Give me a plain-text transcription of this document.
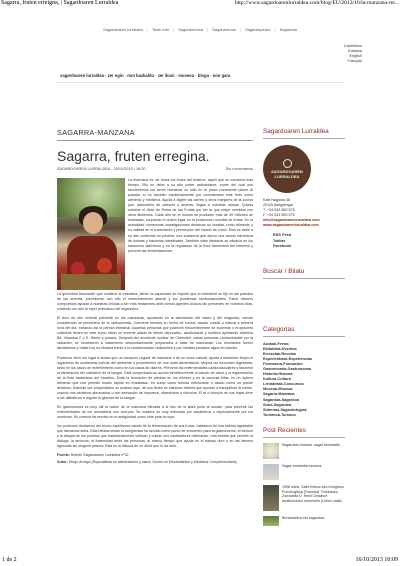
Sagarra, fruten erreigna, | Sagardoaren Lurraldea	http://www.sagardoarenlurraldea.com/blog/EU/2013/10/la-manzana-rei...
Sagardoaren lurraldea | Testu info | Sagardoetxea | Sagardoendo | Sagardopedro | Sagardoa
Castellano
Euskara
English
Français
sagardoaren lurraldea · zer egin · non bazkaldu · zer ikusi · museoa · bloga · non gara
SAGARRA-MANZANA
Sagarra, fruten erregina.
SAGARDOAREN LURRALDEA - 15/10/2013 • 16:30	Sin comentarios

La manzana es, de todos los frutos del invierno, aquél que se conserva más tiempo. Ello se debe a su alto poder antioxidante, poder del cual nos favorecemos los seres humanos no sólo en el plano puramente placer al paladar, si no también medicinalmente por considerarse este fruto como alimento y medicina. Ayuda a digerir las carnes y otros manjares de la cocina que, adornados de sabores y aromas, llegan a nuestras mesas. Quizás sobrelie el título de Reina de las Frutas por ser la que mejor combina con otros alimentos. Cada año en el mundo se producen más de 40 millones de toneladas, ocupando el cuarto lugar en la producción mundial de frutas. En la actualidad numerosas investigaciones destacan su bondad como alimento y su calidad en el tratamiento y prevención del cáncer de colon. Esto se debe a su alto contenido en pectina, una sustancia que ejerce una acción barredora de toxinas y bacterias intestinales. También cabe destacar su eficacia en los trastornos diarreicos y en la regulación de la flora bacteriana del intestino y prevenir las fermentaciones.

La quercitina flavonoide que contiene la manzana, tienen la capacidad de impedir que el colesterol se fije en las paredes de las arterias, previniendo con ello el estrechamiento arterial y los problemas cardiovasculares. Estos mismos compuestos ayudan a nuestras células a ser más resistentes ante ciertos agentes tóxicos tan presentes en nuestros días, evitando con ello la vejez prematura del organismo.

El boro es otro mineral presente en las manzanas, ayudando en la asimilación del calcio y del magnesio, siendo considerado un preventivo de la osteoporosis. Conviene tomarla en forma de zumos, asada, cocida o natural a primera hora del día, evitando así la pereza intestinal. Aquellas personas que padecen frecuentemente de eczemas o erupciones cutáneas tienen en este zumo diario un enorme aliado de efecto depurativo, alcalinizante y nutritivo aportando vitamina B6, Vitamina C y E, Hierro y potasio. Después del accidente nuclear de Chernóbil, varias personas contaminadas por la radiación, se sometieron a tratamiento descontaminante preparados a base de manzanas. Los resultados fueron alentadores y hasta hoy su eficacia frente a la contaminación radioactiva y por metales pesados sigue en estudio.

Podemos decir sin lugar a dudas que un consumo regular de manzana o de su zumo natural, ayuda a mantener limpio el organismo de sustancias tóxicas del ambiente o procedentes de una mala alimentación. Mejora las funciones digestivas, tanto en los casos de estreñimiento como en los casos de diarrea. Previene las enfermedades cardiovasculares y favorece la eliminación del colesterol de la sangre. Está comprobado su acción benéfica frente al cáncer de colon y la regeneración de la flora bacteriana del intestino. Evita la formación de piedras en los riñones y en la vesícula biliar, es un óptimo alimento que nos permite usarlo rápido en ensaladas, en zumo como bebida refrescante o asado como un postre delicioso. Además sus propiedades no acaban aquí, de sus flores se elaboran elixires que ayudan a tranquilizar la mente, cuando nos sentimos abrumados o con sensación de impureza, obsesiones o ridículos. El té o infusión de sus hojas sirve a los diabéticos a regular la glucosa de la sangre.

En gastronomía es muy útil la ración de la manzana elevada a la hez de la sidra junto al tomate, para prevenir las enfermedades de los aromáticos con cuerpos. Su madera es muy estimada por carpinteros y especialmente por los toneleros. Su corteza ha servido en la antigüedad como tinte para la ropa.

No podemos olvidarnos del tónico espirituoso nacido de la fermentación de sus frutos, hablamos de esa bebida agradable que llamamos sidra. Esta bebida desde la antigüedad ha servido como punto de encuentro para la gastronomía, el folclore y la alegría de los pueblos que tradicionalmente cultivan y cuidan sus cautivadores milenarias. Una bebida que permite el diálogo, la armonía, la fraternidad entre las personas, al mismo tiempo que ayuda en el trabajo duro y en las labores agrícolas sin ninguna pereza. Esta es la historia de un árbol que lo da todo.

Fuente: Boletín Sagardoaren Lurraldea nº32
Autor: Diego Arregui (Especialista en alimentación y salud. Doctor en Etnobotánica y Medicina Complementaria)
Sagardoaren Lurraldea
SAGARDOAREN LURRALDEA
Kale Nagusia 48
20115 Astigarraga
T. +34 943 550 575
F. +34 943 550 575
info@sagardoarenlurraldea.com
www.sagardoarenlurraldea.com
RSS Feed
Twitter
Facebook
Buscar / Bilatu
Categorías
Azokak-Ferias
Ekitaldiak-Eventos
Errezetak-Recetas
Esperientziak-Experiencias
Formazioa-Formación
Gastronomía-Gastronomía
Historia-Historia
Kultura-Cultura
Lehiaketak-Concursos
Museoa-Museoa
Sagarra-Manzana
Sagardoa-Sagardoa
Sidra-Sagardoa
Sidrerías-Sagardotegiak
Turismoa-Turismo
Post Recientes
Sagardoko historia: sagar berrietatik.
Sagar-errotaldia ezezina.
1908 urtea. Saint Brieuc-eko Kongresu Pomologikoa (Frantzia). Frantzisko Zurradelia D. Henri Delaincè arraklorrazko nomenela (Lehen zatia).
Bertsolaritza eta sagardoa.
1 de 2	16/10/2013 10:09
